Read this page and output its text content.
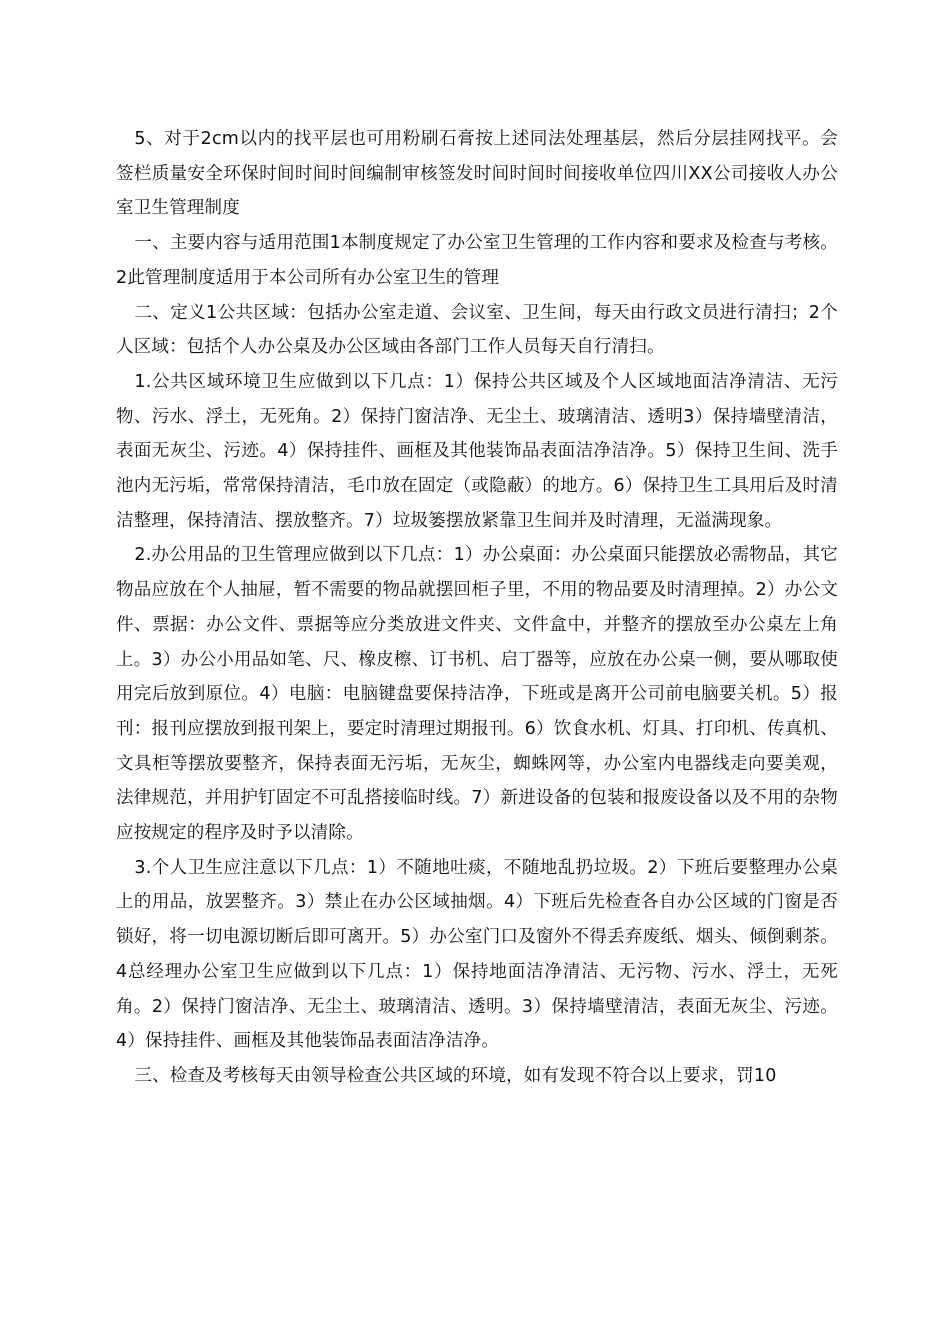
5、对于2cm以内的找平层也可用粉刷石膏按上述同法处理基层，然后分层挂网找平。会签栏质量安全环保时间时间时间编制审核签发时间时间时间接收单位四川XX公司接收人办公室卫生管理制度

一、主要内容与适用范围1本制度规定了办公室卫生管理的工作内容和要求及检查与考核。2此管理制度适用于本公司所有办公室卫生的管理

二、定义1公共区域：包括办公室走道、会议室、卫生间，每天由行政文员进行清扫；2个人区域：包括个人办公桌及办公区域由各部门工作人员每天自行清扫。

1.公共区域环境卫生应做到以下几点：1）保持公共区域及个人区域地面洁净清洁、无污物、污水、浮土，无死角。2）保持门窗洁净、无尘土、玻璃清洁、透明3）保持墙壁清洁，表面无灰尘、污迹。4）保持挂件、画框及其他装饰品表面洁净洁净。5）保持卫生间、洗手池内无污垢，常常保持清洁，毛巾放在固定（或隐蔽）的地方。6）保持卫生工具用后及时清洁整理，保持清洁、摆放整齐。7）垃圾篓摆放紧靠卫生间并及时清理，无溢满现象。

2.办公用品的卫生管理应做到以下几点：1）办公桌面：办公桌面只能摆放必需物品，其它物品应放在个人抽屉，暂不需要的物品就摆回柜子里，不用的物品要及时清理掉。2）办公文件、票据：办公文件、票据等应分类放进文件夹、文件盒中，并整齐的摆放至办公桌左上角上。3）办公小用品如笔、尺、橡皮檫、订书机、启丁器等，应放在办公桌一侧，要从哪取使用完后放到原位。4）电脑：电脑键盘要保持洁净，下班或是离开公司前电脑要关机。5）报刊：报刊应摆放到报刊架上，要定时清理过期报刊。6）饮食水机、灯具、打印机、传真机、文具柜等摆放要整齐，保持表面无污垢，无灰尘，蜘蛛网等，办公室内电器线走向要美观，法律规范，并用护钉固定不可乱搭接临时线。7）新进设备的包装和报废设备以及不用的杂物应按规定的程序及时予以清除。

3.个人卫生应注意以下几点：1）不随地吐痰，不随地乱扔垃圾。2）下班后要整理办公桌上的用品，放罢整齐。3）禁止在办公区域抽烟。4）下班后先检查各自办公区域的门窗是否锁好，将一切电源切断后即可离开。5）办公室门口及窗外不得丢弃废纸、烟头、倾倒剩茶。4总经理办公室卫生应做到以下几点：1）保持地面洁净清洁、无污物、污水、浮土，无死角。2）保持门窗洁净、无尘土、玻璃清洁、透明。3）保持墙壁清洁，表面无灰尘、污迹。4）保持挂件、画框及其他装饰品表面洁净洁净。

三、检查及考核每天由领导检查公共区域的环境，如有发现不符合以上要求，罚10
